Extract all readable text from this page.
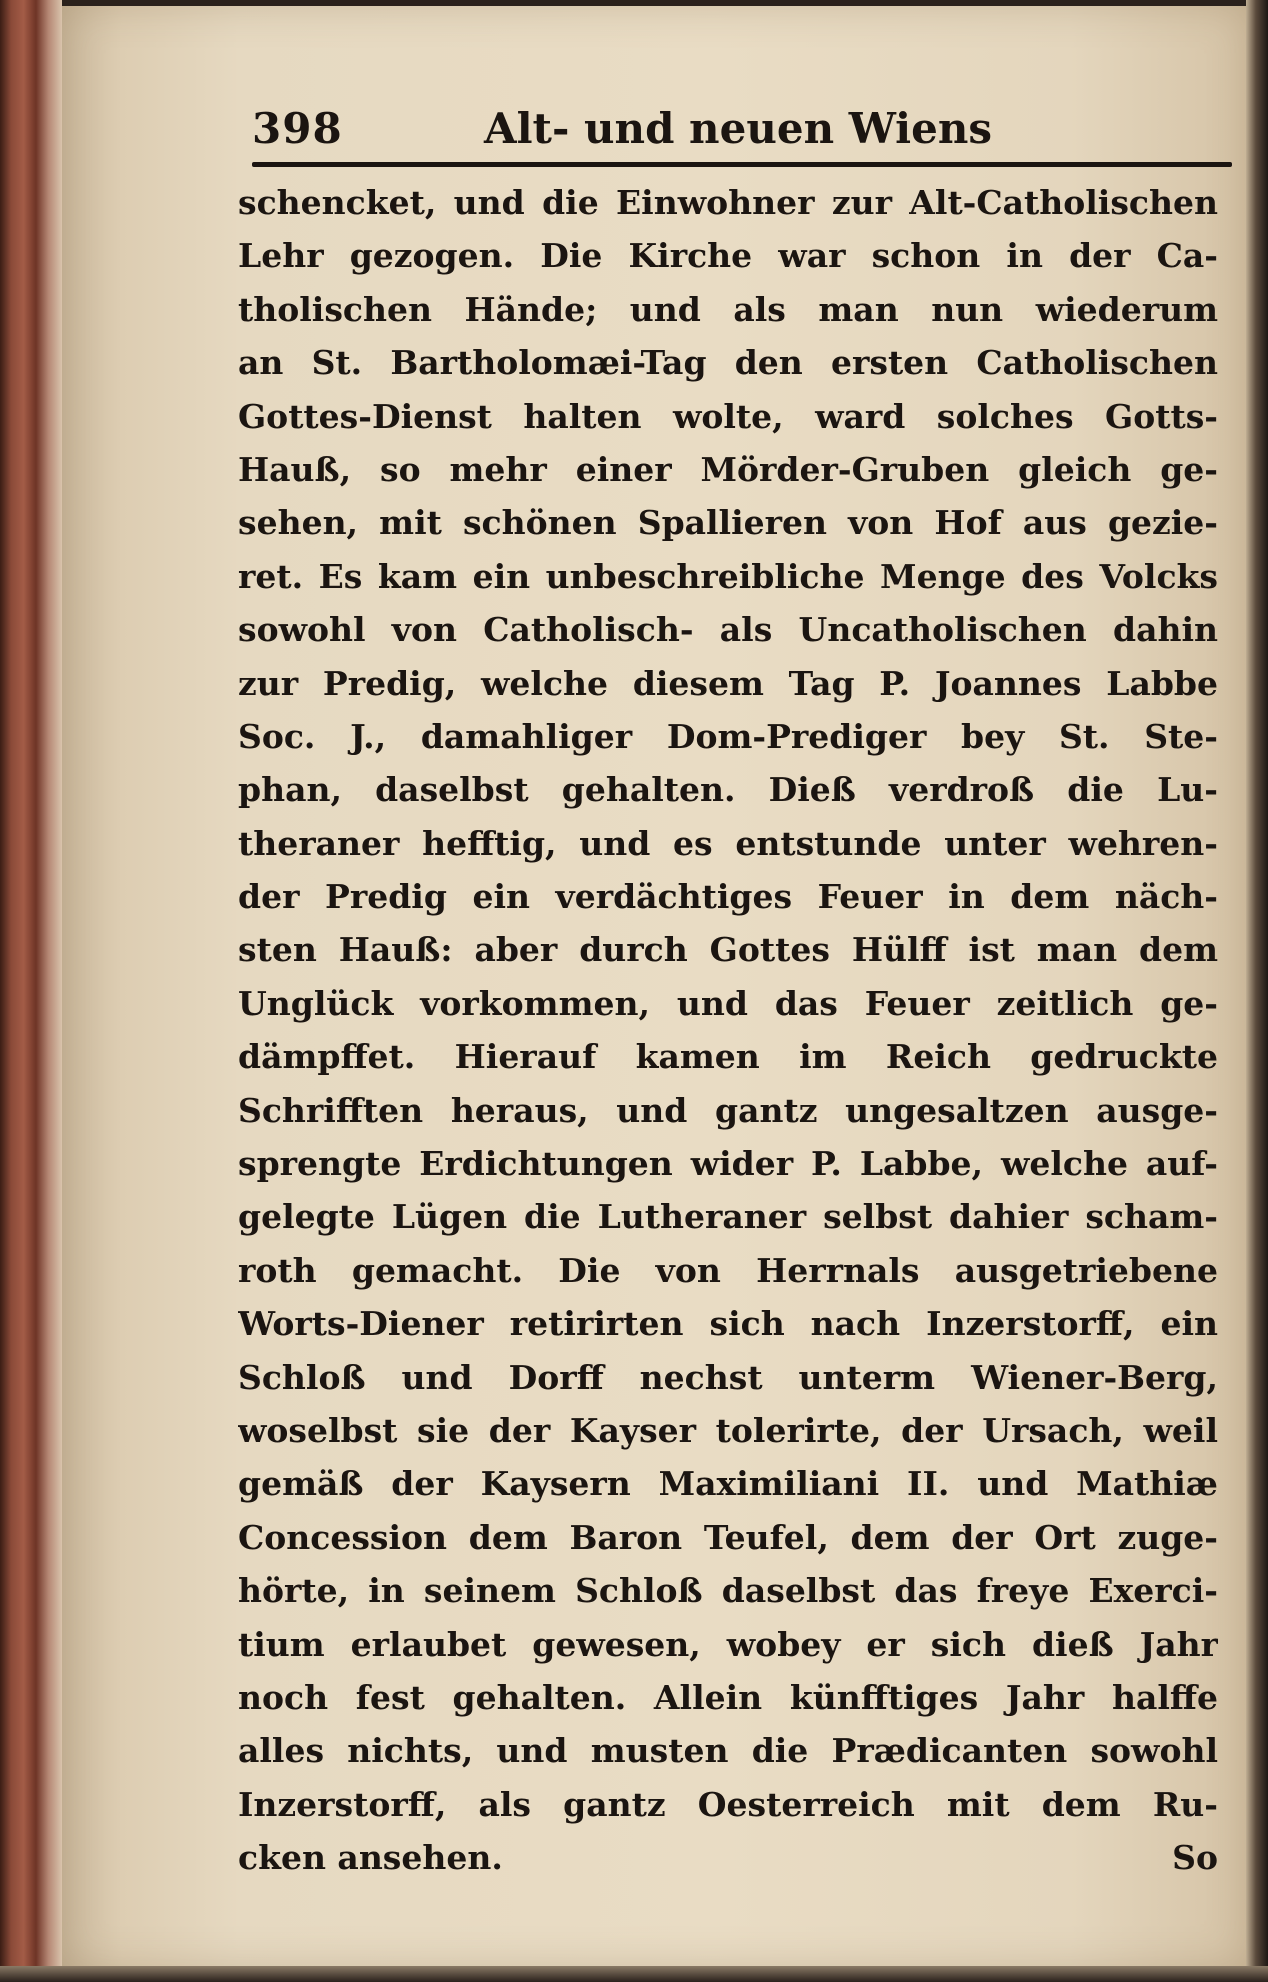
398	Alt- und neuen Wiens
schencket, und die Einwohner zur Alt-Catholischen
Lehr gezogen. Die Kirche war schon in der Ca-
tholischen Hände; und als man nun wiederum
an St. Bartholomæi-Tag den ersten Catholischen
Gottes-Dienst halten wolte, ward solches Gotts-
Hauß, so mehr einer Mörder-Gruben gleich ge-
sehen, mit schönen Spallieren von Hof aus gezie-
ret. Es kam ein unbeschreibliche Menge des Volcks
sowohl von Catholisch- als Uncatholischen dahin
zur Predig, welche diesem Tag P. Joannes Labbe
Soc. J., damahliger Dom-Prediger bey St. Ste-
phan, daselbst gehalten. Dieß verdroß die Lu-
theraner hefftig, und es entstunde unter wehren-
der Predig ein verdächtiges Feuer in dem näch-
sten Hauß: aber durch Gottes Hülff ist man dem
Unglück vorkommen, und das Feuer zeitlich ge-
dämpffet. Hierauf kamen im Reich gedruckte
Schrifften heraus, und gantz ungesaltzen ausge-
sprengte Erdichtungen wider P. Labbe, welche auf-
gelegte Lügen die Lutheraner selbst dahier scham-
roth gemacht. Die von Herrnals ausgetriebene
Worts-Diener retirirten sich nach Inzerstorff, ein
Schloß und Dorff nechst unterm Wiener-Berg,
woselbst sie der Kayser tolerirte, der Ursach, weil
gemäß der Kaysern Maximiliani II. und Mathiæ
Concession dem Baron Teufel, dem der Ort zuge-
hörte, in seinem Schloß daselbst das freye Exerci-
tium erlaubet gewesen, wobey er sich dieß Jahr
noch fest gehalten. Allein künfftiges Jahr halffe
alles nichts, und musten die Prædicanten sowohl
Inzerstorff, als gantz Oesterreich mit dem Ru-
cken ansehen.	So
